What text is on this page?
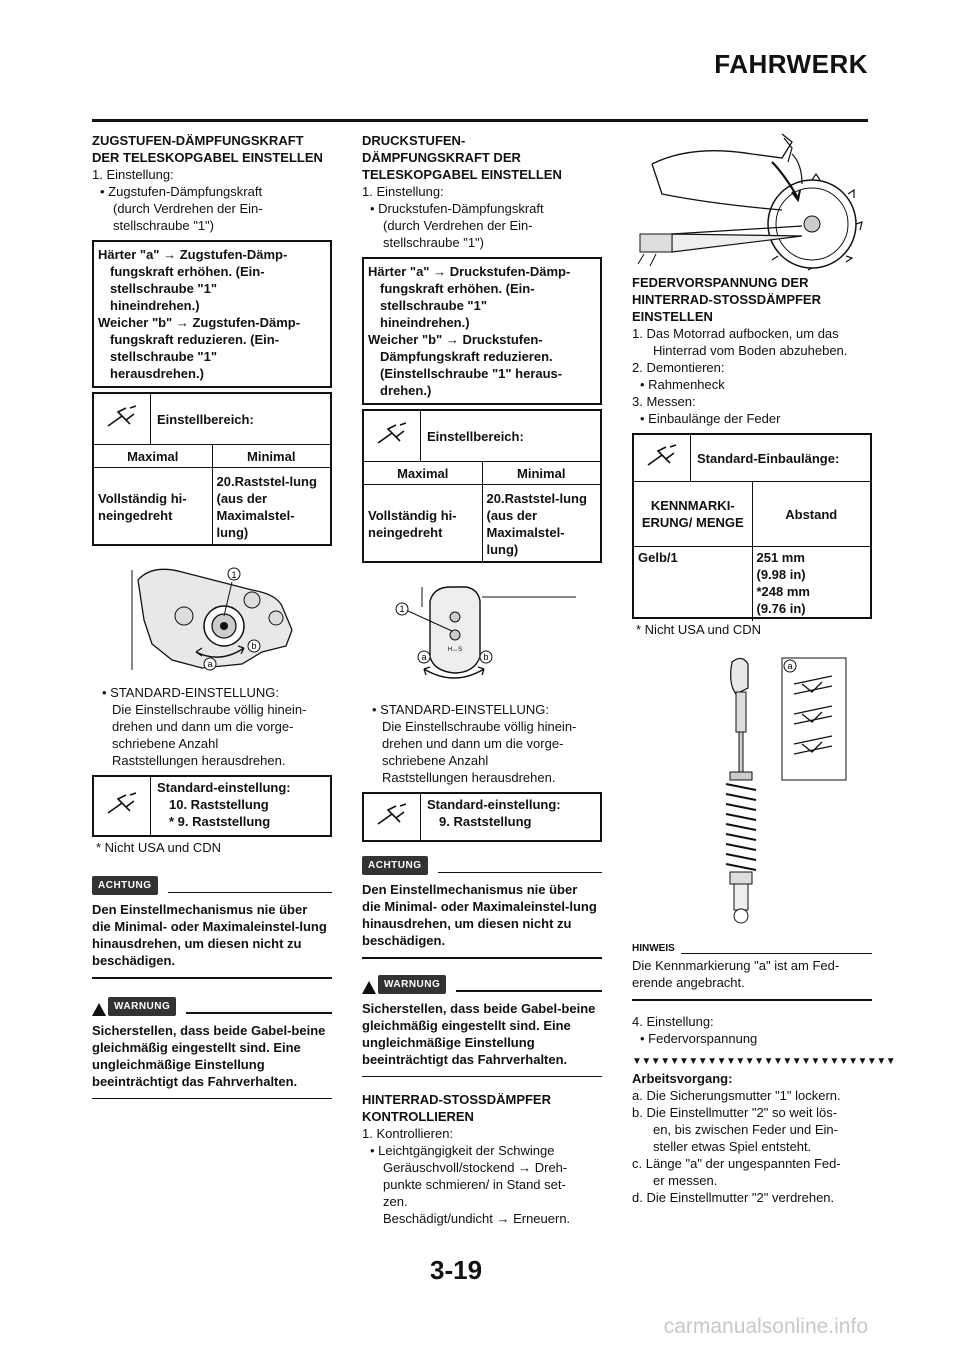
FAHRWERK
ZUGSTUFEN-DÄMPFUNGSKRAFT DER TELESKOPGABEL EINSTELLEN
1. Einstellung:
• Zugstufen-Dämpfungskraft
(durch Verdrehen der Ein-
stellschraube "1")
Härter "a" → Zugstufen-Dämp-
fungskraft erhöhen. (Ein-
stellschraube "1"
hineindrehen.)
Weicher "b" → Zugstufen-Dämp-
fungskraft reduzieren. (Ein-
stellschraube "1"
herausdrehen.)
Einstellbereich:
Maximal	Minimal
Vollständig hi-neingedreht	20.Raststel-lung (aus der Maximalstel-lung)
1
a
b
• STANDARD-EINSTELLUNG:
Die Einstellschraube völlig hinein-
drehen und dann um die vorge-
schriebene Anzahl
Raststellungen herausdrehen.
Standard-einstellung:
10. Raststellung
* 9. Raststellung
* Nicht USA und CDN
ACHTUNG
Den Einstellmechanismus nie über die Minimal- oder Maximaleinstel-lung hinausdrehen, um diesen nicht zu beschädigen.
WARNUNG
Sicherstellen, dass beide Gabel-beine gleichmäßig eingestellt sind. Eine ungleichmäßige Einstellung beeinträchtigt das Fahrverhalten.
DRUCKSTUFEN-DÄMPFUNGSKRAFT DER TELESKOPGABEL EINSTELLEN
1. Einstellung:
• Druckstufen-Dämpfungskraft
(durch Verdrehen der Ein-
stellschraube "1")
Härter "a" → Druckstufen-Dämp-
fungskraft erhöhen. (Ein-
stellschraube "1"
hineindrehen.)
Weicher "b" → Druckstufen-
Dämpfungskraft reduzieren.
(Einstellschraube "1" heraus-
drehen.)
Einstellbereich:
Maximal	Minimal
Vollständig hi-neingedreht	20.Raststel-lung (aus der Maximalstel-lung)
H↔S
1
a	b
• STANDARD-EINSTELLUNG:
Die Einstellschraube völlig hinein-
drehen und dann um die vorge-
schriebene Anzahl
Raststellungen herausdrehen.
Standard-einstellung:
9. Raststellung
ACHTUNG
Den Einstellmechanismus nie über die Minimal- oder Maximaleinstel-lung hinausdrehen, um diesen nicht zu beschädigen.
WARNUNG
Sicherstellen, dass beide Gabel-beine gleichmäßig eingestellt sind. Eine ungleichmäßige Einstellung beeinträchtigt das Fahrverhalten.
HINTERRAD-STOSSDÄMPFER KONTROLLIEREN
1. Kontrollieren:
• Leichtgängigkeit der Schwinge
Geräuschvoll/stockend → Dreh-
punkte schmieren/ in Stand set-
zen.
Beschädigt/undicht → Erneuern.
FEDERVORSPANNUNG DER HINTERRAD-STOSSDÄMPFER EINSTELLEN
1. Das Motorrad aufbocken, um das
Hinterrad vom Boden abzuheben.
2. Demontieren:
• Rahmenheck
3. Messen:
• Einbaulänge der Feder
Standard-Einbaulänge:
KENNMARKI-ERUNG/ MENGE	Abstand
Gelb/1	251 mm
(9.98 in)
*248 mm
(9.76 in)
* Nicht USA und CDN
a
HINWEIS
Die Kennmarkierung "a" ist am Fed-erende angebracht.
4. Einstellung:
• Federvorspannung
▼▼▼▼▼▼▼▼▼▼▼▼▼▼▼▼▼▼▼▼▼▼▼▼▼▼▼▼
Arbeitsvorgang:
a. Die Sicherungsmutter "1" lockern.
b. Die Einstellmutter "2" so weit lös-
en, bis zwischen Feder und Ein-
steller etwas Spiel entsteht.
c. Länge "a" der ungespannten Fed-
er messen.
d. Die Einstellmutter "2" verdrehen.
3-19
carmanualsonline.info
